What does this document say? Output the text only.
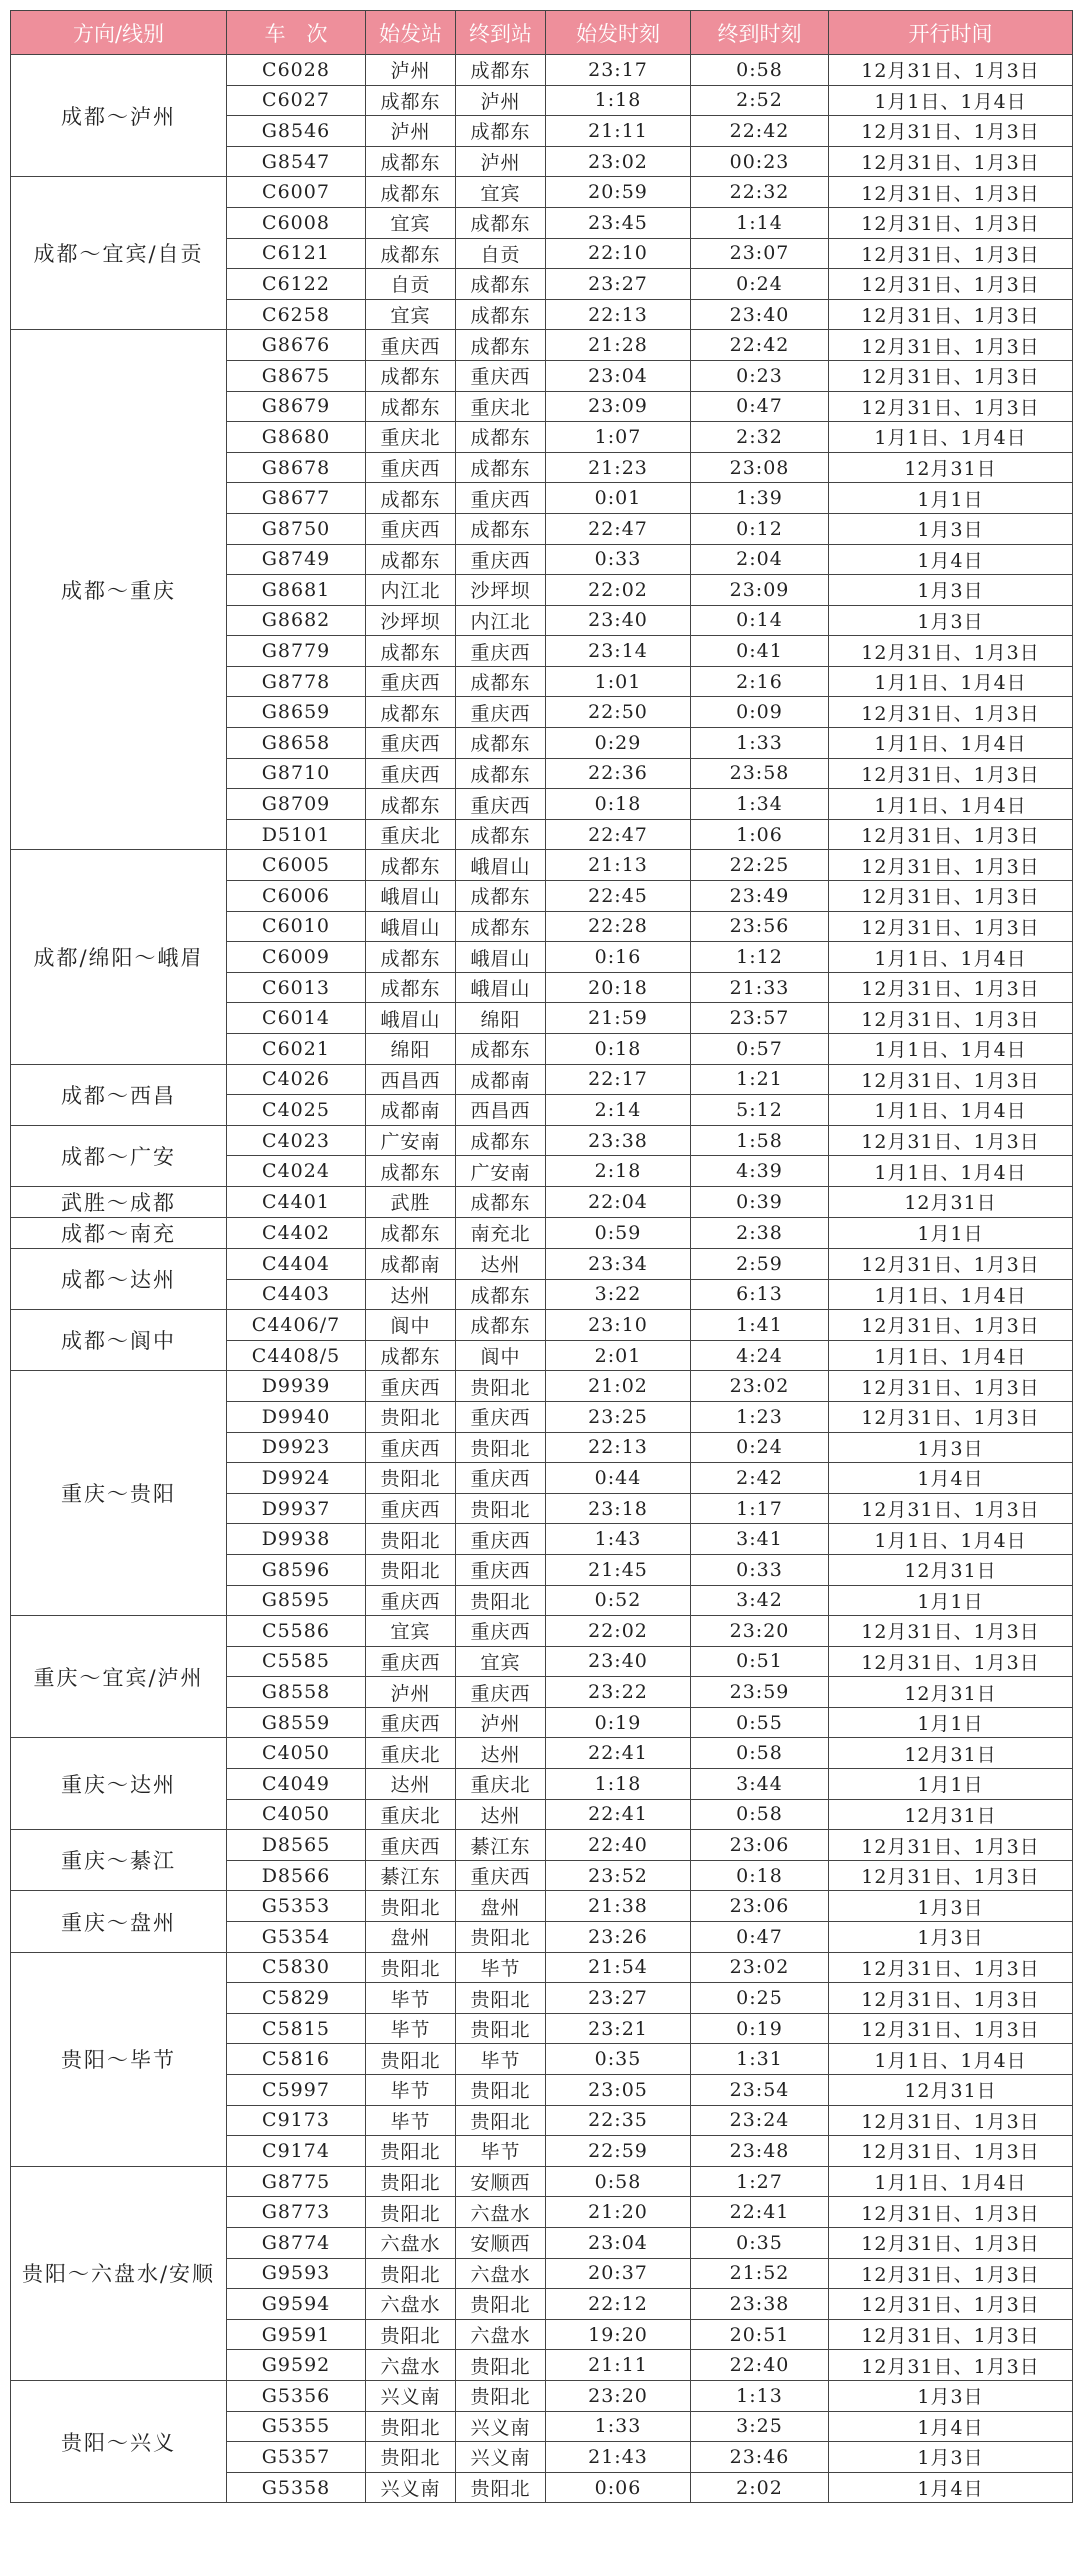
方向/线别	车　次	始发站	终到站	始发时刻	终到时刻	开行时间
成都～泸州	C6028	泸州	成都东	23:17	0:58	12月31日、1月3日
	C6027	成都东	泸州	1:18	2:52	1月1日、1月4日
	G8546	泸州	成都东	21:11	22:42	12月31日、1月3日
	G8547	成都东	泸州	23:02	00:23	12月31日、1月3日
成都～宜宾/自贡	C6007	成都东	宜宾	20:59	22:32	12月31日、1月3日
	C6008	宜宾	成都东	23:45	1:14	12月31日、1月3日
	C6121	成都东	自贡	22:10	23:07	12月31日、1月3日
	C6122	自贡	成都东	23:27	0:24	12月31日、1月3日
	C6258	宜宾	成都东	22:13	23:40	12月31日、1月3日
成都～重庆	G8676	重庆西	成都东	21:28	22:42	12月31日、1月3日
	G8675	成都东	重庆西	23:04	0:23	12月31日、1月3日
	G8679	成都东	重庆北	23:09	0:47	12月31日、1月3日
	G8680	重庆北	成都东	1:07	2:32	1月1日、1月4日
	G8678	重庆西	成都东	21:23	23:08	12月31日
	G8677	成都东	重庆西	0:01	1:39	1月1日
	G8750	重庆西	成都东	22:47	0:12	1月3日
	G8749	成都东	重庆西	0:33	2:04	1月4日
	G8681	内江北	沙坪坝	22:02	23:09	1月3日
	G8682	沙坪坝	内江北	23:40	0:14	1月3日
	G8779	成都东	重庆西	23:14	0:41	12月31日、1月3日
	G8778	重庆西	成都东	1:01	2:16	1月1日、1月4日
	G8659	成都东	重庆西	22:50	0:09	12月31日、1月3日
	G8658	重庆西	成都东	0:29	1:33	1月1日、1月4日
	G8710	重庆西	成都东	22:36	23:58	12月31日、1月3日
	G8709	成都东	重庆西	0:18	1:34	1月1日、1月4日
	D5101	重庆北	成都东	22:47	1:06	12月31日、1月3日
成都/绵阳～峨眉	C6005	成都东	峨眉山	21:13	22:25	12月31日、1月3日
	C6006	峨眉山	成都东	22:45	23:49	12月31日、1月3日
	C6010	峨眉山	成都东	22:28	23:56	12月31日、1月3日
	C6009	成都东	峨眉山	0:16	1:12	1月1日、1月4日
	C6013	成都东	峨眉山	20:18	21:33	12月31日、1月3日
	C6014	峨眉山	绵阳	21:59	23:57	12月31日、1月3日
	C6021	绵阳	成都东	0:18	0:57	1月1日、1月4日
成都～西昌	C4026	西昌西	成都南	22:17	1:21	12月31日、1月3日
	C4025	成都南	西昌西	2:14	5:12	1月1日、1月4日
成都～广安	C4023	广安南	成都东	23:38	1:58	12月31日、1月3日
	C4024	成都东	广安南	2:18	4:39	1月1日、1月4日
武胜～成都	C4401	武胜	成都东	22:04	0:39	12月31日
成都～南充	C4402	成都东	南充北	0:59	2:38	1月1日
成都～达州	C4404	成都南	达州	23:34	2:59	12月31日、1月3日
	C4403	达州	成都东	3:22	6:13	1月1日、1月4日
成都～阆中	C4406/7	阆中	成都东	23:10	1:41	12月31日、1月3日
	C4408/5	成都东	阆中	2:01	4:24	1月1日、1月4日
重庆～贵阳	D9939	重庆西	贵阳北	21:02	23:02	12月31日、1月3日
	D9940	贵阳北	重庆西	23:25	1:23	12月31日、1月3日
	D9923	重庆西	贵阳北	22:13	0:24	1月3日
	D9924	贵阳北	重庆西	0:44	2:42	1月4日
	D9937	重庆西	贵阳北	23:18	1:17	12月31日、1月3日
	D9938	贵阳北	重庆西	1:43	3:41	1月1日、1月4日
	G8596	贵阳北	重庆西	21:45	0:33	12月31日
	G8595	重庆西	贵阳北	0:52	3:42	1月1日
重庆～宜宾/泸州	C5586	宜宾	重庆西	22:02	23:20	12月31日、1月3日
	C5585	重庆西	宜宾	23:40	0:51	12月31日、1月3日
	G8558	泸州	重庆西	23:22	23:59	12月31日
	G8559	重庆西	泸州	0:19	0:55	1月1日
重庆～达州	C4050	重庆北	达州	22:41	0:58	12月31日
	C4049	达州	重庆北	1:18	3:44	1月1日
	C4050	重庆北	达州	22:41	0:58	12月31日
重庆～綦江	D8565	重庆西	綦江东	22:40	23:06	12月31日、1月3日
	D8566	綦江东	重庆西	23:52	0:18	12月31日、1月3日
重庆～盘州	G5353	贵阳北	盘州	21:38	23:06	1月3日
	G5354	盘州	贵阳北	23:26	0:47	1月3日
贵阳～毕节	C5830	贵阳北	毕节	21:54	23:02	12月31日、1月3日
	C5829	毕节	贵阳北	23:27	0:25	12月31日、1月3日
	C5815	毕节	贵阳北	23:21	0:19	12月31日、1月3日
	C5816	贵阳北	毕节	0:35	1:31	1月1日、1月4日
	C5997	毕节	贵阳北	23:05	23:54	12月31日
	C9173	毕节	贵阳北	22:35	23:24	12月31日、1月3日
	C9174	贵阳北	毕节	22:59	23:48	12月31日、1月3日
贵阳～六盘水/安顺	G8775	贵阳北	安顺西	0:58	1:27	1月1日、1月4日
	G8773	贵阳北	六盘水	21:20	22:41	12月31日、1月3日
	G8774	六盘水	安顺西	23:04	0:35	12月31日、1月3日
	G9593	贵阳北	六盘水	20:37	21:52	12月31日、1月3日
	G9594	六盘水	贵阳北	22:12	23:38	12月31日、1月3日
	G9591	贵阳北	六盘水	19:20	20:51	12月31日、1月3日
	G9592	六盘水	贵阳北	21:11	22:40	12月31日、1月3日
贵阳～兴义	G5356	兴义南	贵阳北	23:20	1:13	1月3日
	G5355	贵阳北	兴义南	1:33	3:25	1月4日
	G5357	贵阳北	兴义南	21:43	23:46	1月3日
	G5358	兴义南	贵阳北	0:06	2:02	1月4日
